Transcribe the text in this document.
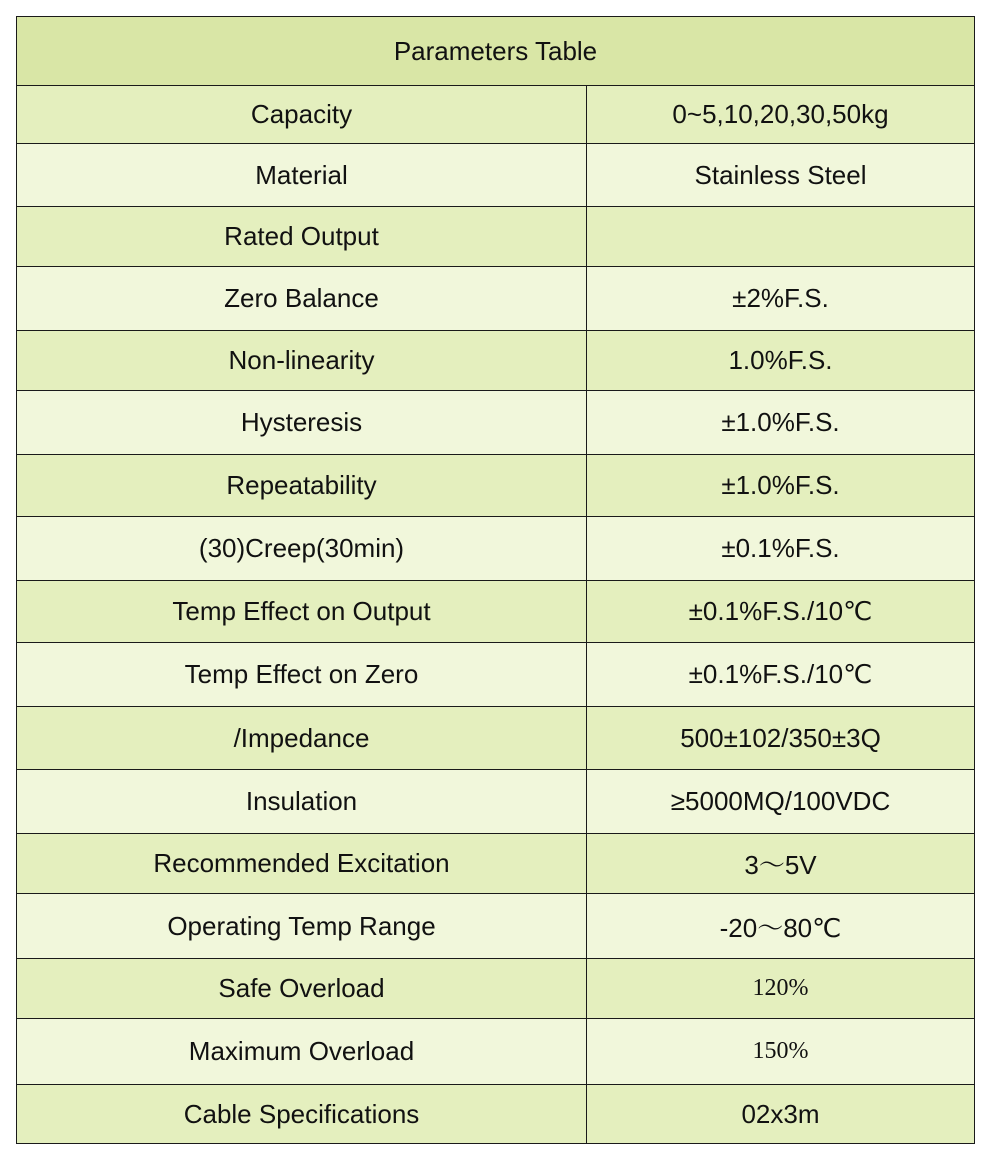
Parameters Table
Capacity	0~5,10,20,30,50kg
Material	Stainless Steel
Rated Output
Zero Balance	±2%F.S.
Non-linearity	1.0%F.S.
Hysteresis	±1.0%F.S.
Repeatability	±1.0%F.S.
(30)Creep(30min)	±0.1%F.S.
Temp Effect on Output	±0.1%F.S./10℃
Temp Effect on Zero	±0.1%F.S./10℃
/Impedance	500±102/350±3Q
Insulation	≥5000MQ/100VDC
Recommended Excitation	3～5V
Operating Temp Range	-20～80℃
Safe Overload	120%
Maximum Overload	150%
Cable Specifications	02x3m
